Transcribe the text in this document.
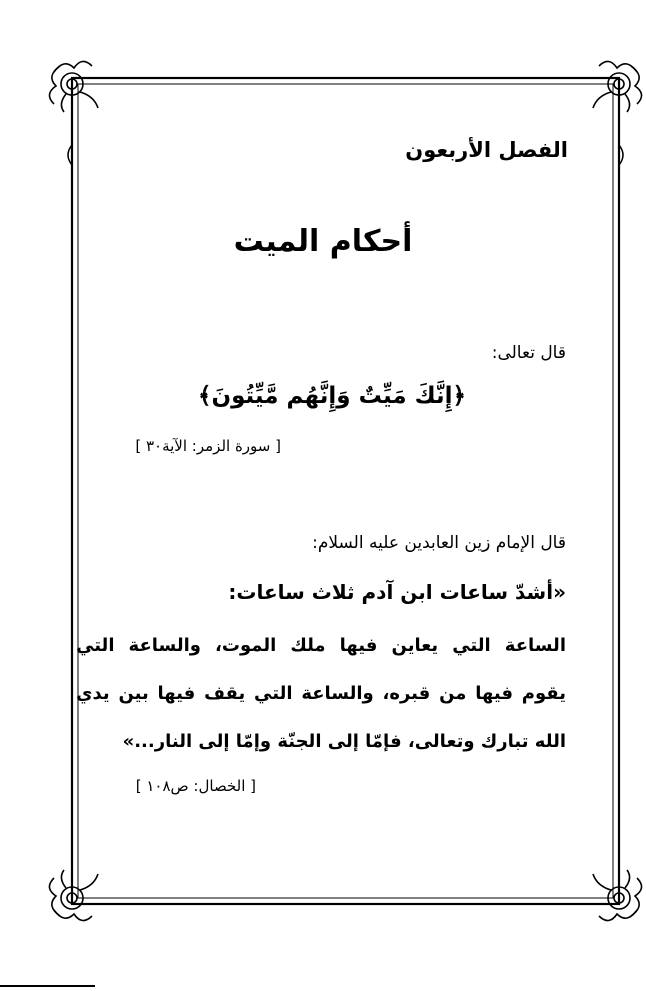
الفصل الأربعون
أحكام الميت
قال تعالى:
﴿إِنَّكَ مَيِّتٌ وَإِنَّهُم مَّيِّتُونَ﴾
[ سورة الزمر: الآية٣٠ ]
قال الإمام زين العابدين عليه السلام:
«أشدّ ساعات ابن آدم ثلاث ساعات:
الساعة التي يعاين فيها ملك الموت، والساعة التي
يقوم فيها من قبره، والساعة التي يقف فيها بين يدي
الله تبارك وتعالى، فإمّا إلى الجنّة وإمّا إلى النار...»
[ الخصال: ص١٠٨ ]
